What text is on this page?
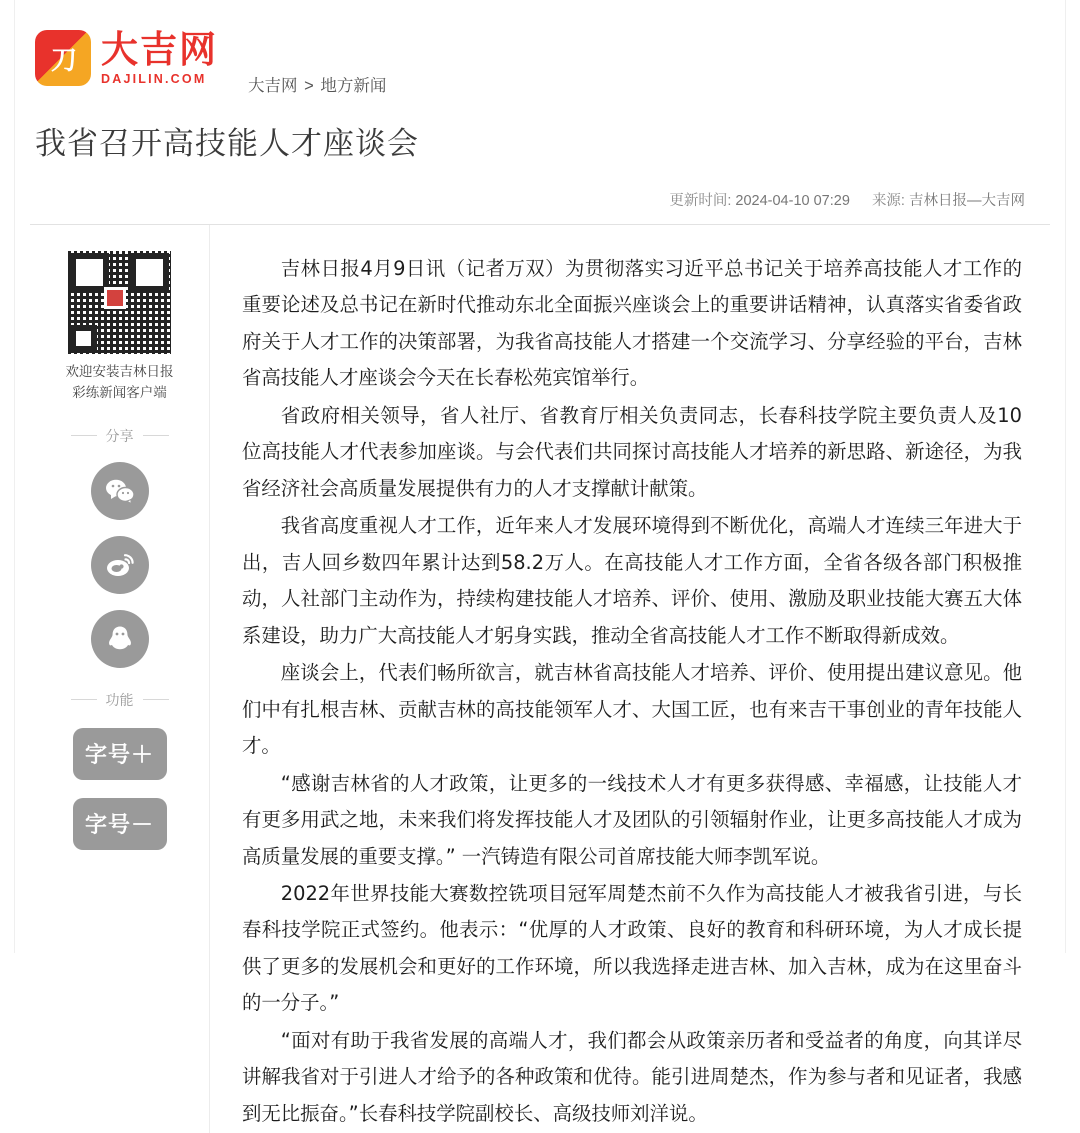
刀 大吉网
DAJILIN.COM	大吉网 > 地方新闻
我省召开高技能人才座谈会
更新时间: 2024-04-10 07:29 来源: 吉林日报—大吉网
欢迎安装吉林日报
彩练新闻客户端
分享
功能
字号＋
字号－

吉林日报4月9日讯（记者万双）为贯彻落实习近平总书记关于培养高技能人才工作的重要论述及总书记在新时代推动东北全面振兴座谈会上的重要讲话精神，认真落实省委省政府关于人才工作的决策部署，为我省高技能人才搭建一个交流学习、分享经验的平台，吉林省高技能人才座谈会今天在长春松苑宾馆举行。

省政府相关领导，省人社厅、省教育厅相关负责同志，长春科技学院主要负责人及10位高技能人才代表参加座谈。与会代表们共同探讨高技能人才培养的新思路、新途径，为我省经济社会高质量发展提供有力的人才支撑献计献策。

我省高度重视人才工作，近年来人才发展环境得到不断优化，高端人才连续三年进大于出，吉人回乡数四年累计达到58.2万人。在高技能人才工作方面，全省各级各部门积极推动，人社部门主动作为，持续构建技能人才培养、评价、使用、激励及职业技能大赛五大体系建设，助力广大高技能人才躬身实践，推动全省高技能人才工作不断取得新成效。

座谈会上，代表们畅所欲言，就吉林省高技能人才培养、评价、使用提出建议意见。他们中有扎根吉林、贡献吉林的高技能领军人才、大国工匠，也有来吉干事创业的青年技能人才。

“感谢吉林省的人才政策，让更多的一线技术人才有更多获得感、幸福感，让技能人才有更多用武之地，未来我们将发挥技能人才及团队的引领辐射作业，让更多高技能人才成为高质量发展的重要支撑。” 一汽铸造有限公司首席技能大师李凯军说。

2022年世界技能大赛数控铣项目冠军周楚杰前不久作为高技能人才被我省引进，与长春科技学院正式签约。他表示：“优厚的人才政策、良好的教育和科研环境，为人才成长提供了更多的发展机会和更好的工作环境，所以我选择走进吉林、加入吉林，成为在这里奋斗的一分子。”

“面对有助于我省发展的高端人才，我们都会从政策亲历者和受益者的角度，向其详尽讲解我省对于引进人才给予的各种政策和优待。能引进周楚杰，作为参与者和见证者，我感到无比振奋。”长春科技学院副校长、高级技师刘洋说。
